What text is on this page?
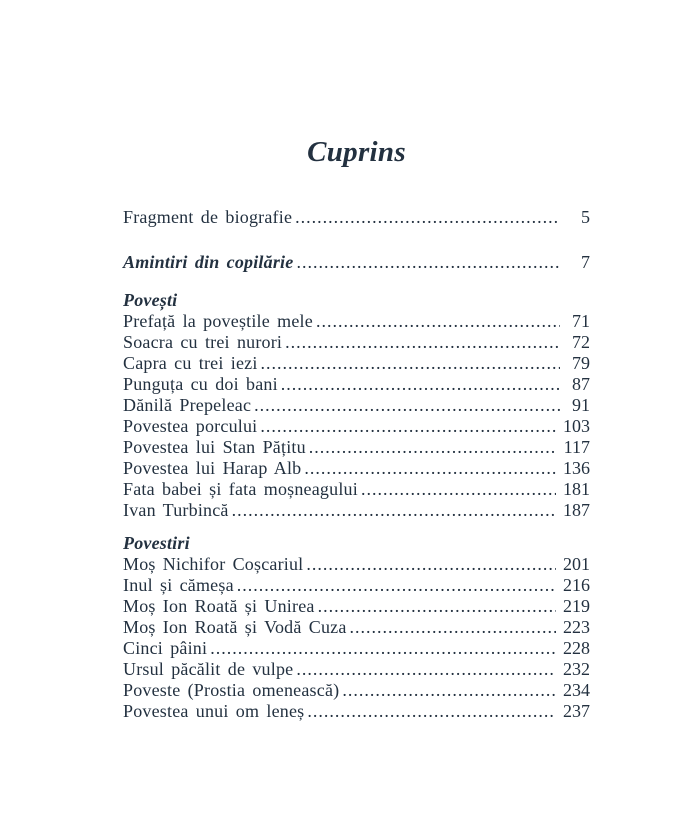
Cuprins
Fragment de biografie .....	5
Amintiri din copilărie .....	7
Povești
Prefață la poveștile mele .....	71
Soacra cu trei nurori .....	72
Capra cu trei iezi .....	79
Punguța cu doi bani .....	87
Dănilă Prepeleac .....	91
Povestea porcului .....	103
Povestea lui Stan Pățitu .....	117
Povestea lui Harap Alb .....	136
Fata babei și fata moșneagului .....	181
Ivan Turbincă .....	187
Povestiri
Moș Nichifor Coșcariul .....	201
Inul și cămeșa .....	216
Moș Ion Roată și Unirea .....	219
Moș Ion Roată și Vodă Cuza .....	223
Cinci pâini .....	228
Ursul păcălit de vulpe .....	232
Poveste (Prostia omenească) .....	234
Povestea unui om leneș .....	237
